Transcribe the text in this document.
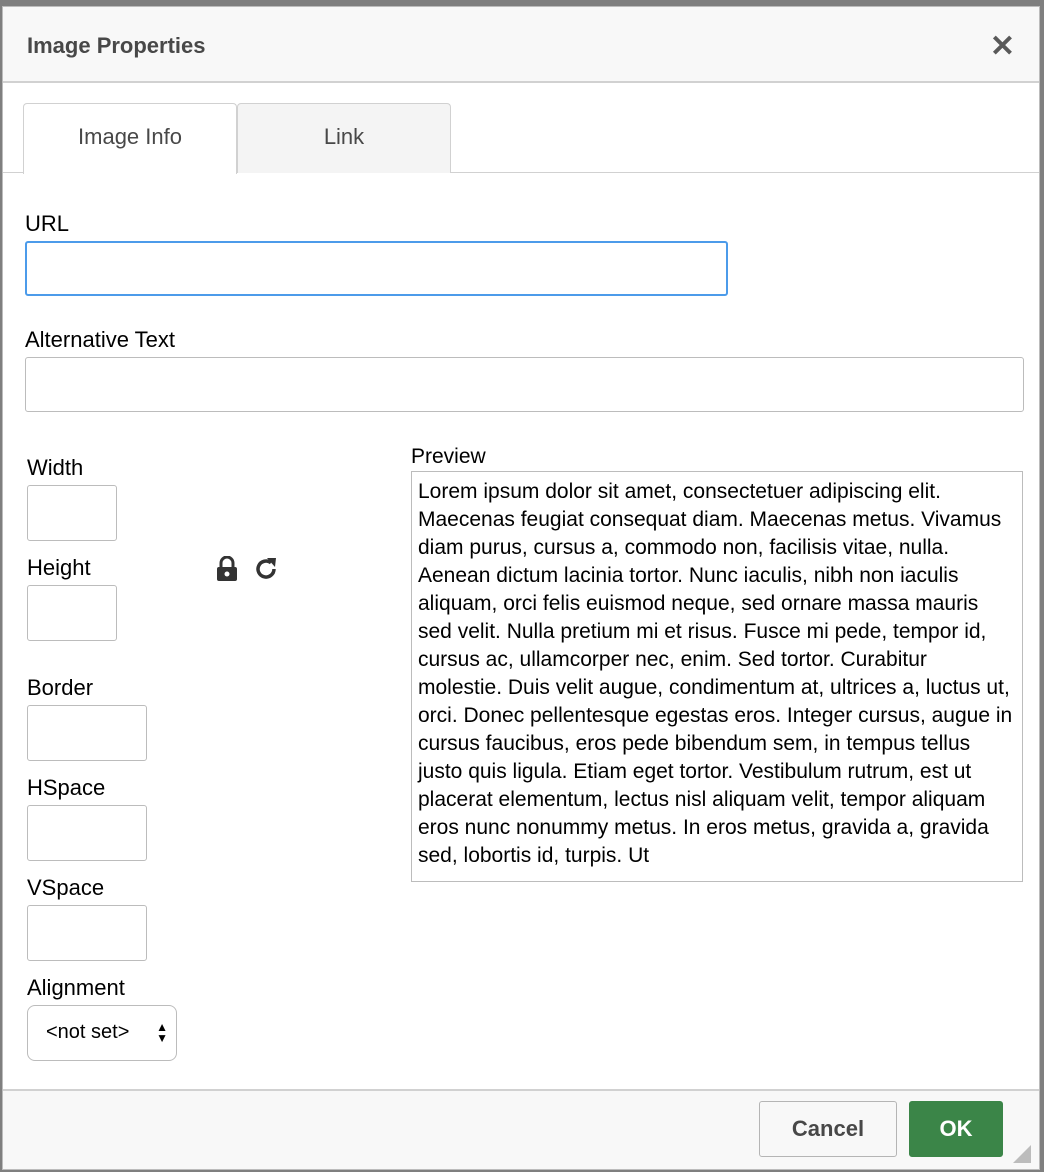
Image Properties	✕
Image Info	Link
URL
Alternative Text
Width
Height
Border
HSpace
VSpace
Alignment
<not set> ▲
▼
Preview
Lorem ipsum dolor sit amet, consectetuer adipiscing elit. Maecenas feugiat consequat diam. Maecenas metus. Vivamus diam purus, cursus a, commodo non, facilisis vitae, nulla. Aenean dictum lacinia tortor. Nunc iaculis, nibh non iaculis aliquam, orci felis euismod neque, sed ornare massa mauris sed velit. Nulla pretium mi et risus. Fusce mi pede, tempor id, cursus ac, ullamcorper nec, enim. Sed tortor. Curabitur molestie. Duis velit augue, condimentum at, ultrices a, luctus ut, orci. Donec pellentesque egestas eros. Integer cursus, augue in cursus faucibus, eros pede bibendum sem, in tempus tellus justo quis ligula. Etiam eget tortor. Vestibulum rutrum, est ut placerat elementum, lectus nisl aliquam velit, tempor aliquam eros nunc nonummy metus. In eros metus, gravida a, gravida sed, lobortis id, turpis. Ut
Cancel	OK
